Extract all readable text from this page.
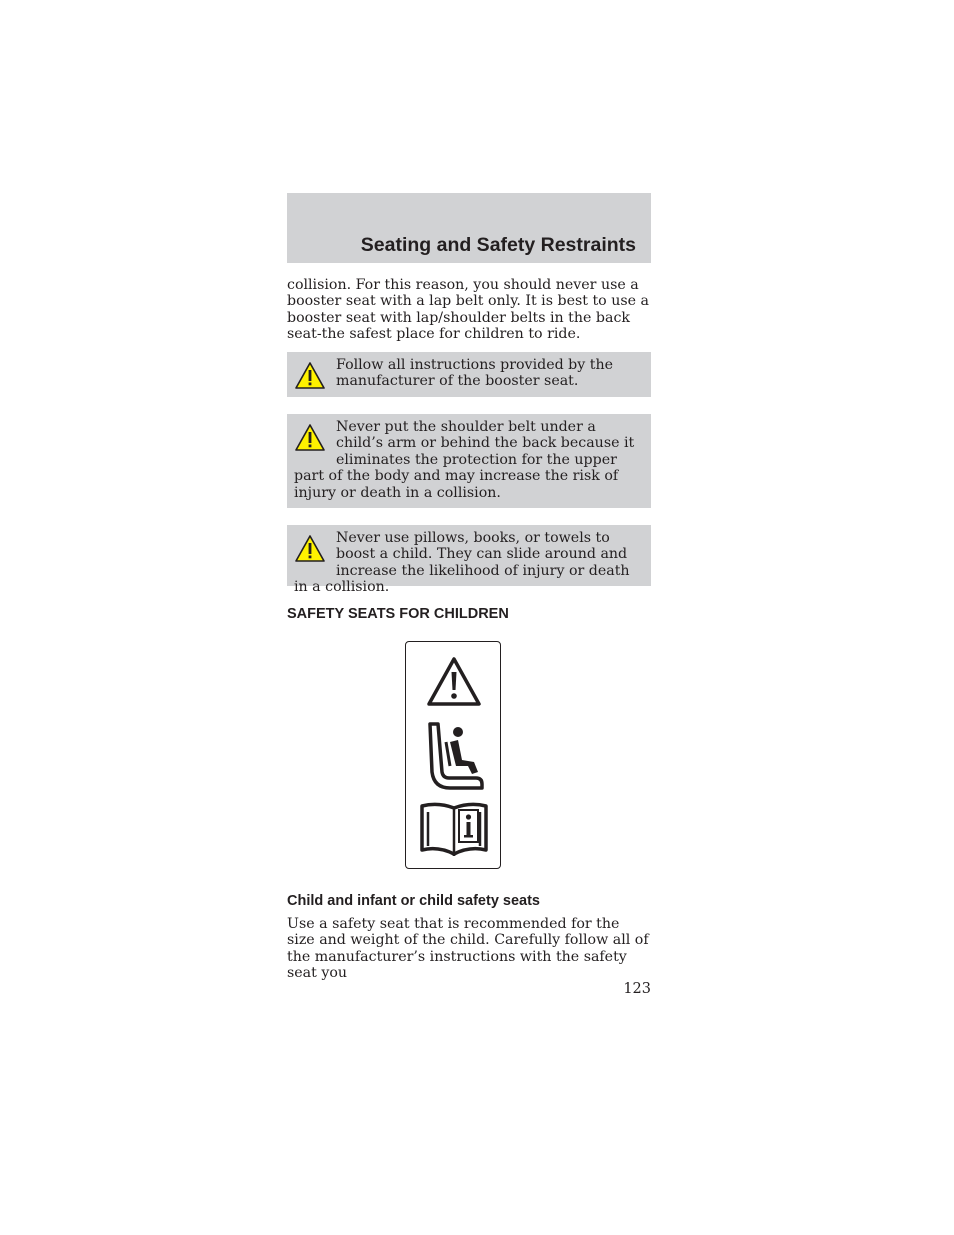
Seating and Safety Restraints

collision. For this reason, you should never use a booster seat with a lap belt only. It is best to use a booster seat with lap/shoulder belts in the back seat-the safest place for children to ride.

Follow all instructions provided by the manufacturer of the booster seat.
Never put the shoulder belt under a child’s arm or behind the back because it eliminates the protection for the upper part of the body and may increase the risk of injury or death in a collision.
Never use pillows, books, or towels to boost a child. They can slide around and increase the likelihood of injury or death in a collision.
SAFETY SEATS FOR CHILDREN
Child and infant or child safety seats

Use a safety seat that is recommended for the size and weight of the child. Carefully follow all of the manufacturer’s instructions with the safety seat you

123
